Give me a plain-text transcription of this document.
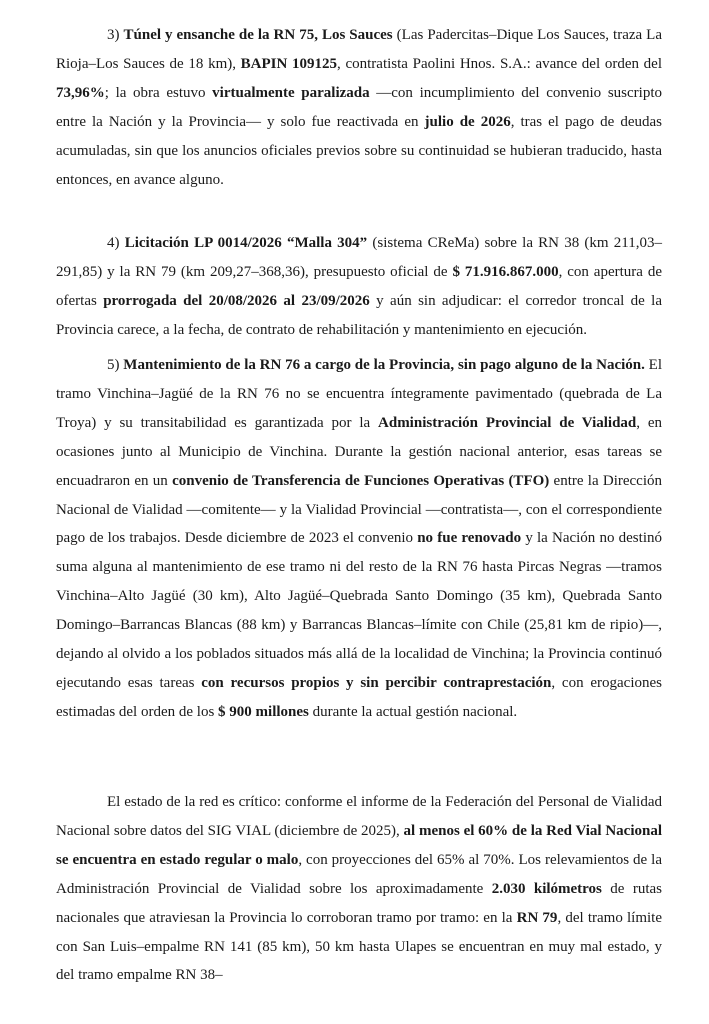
3) Túnel y ensanche de la RN 75, Los Sauces (Las Padercitas–Dique Los Sauces, traza La Rioja–Los Sauces de 18 km), BAPIN 109125, contratista Paolini Hnos. S.A.: avance del orden del 73,96%; la obra estuvo virtualmente paralizada —con incumplimiento del convenio suscripto entre la Nación y la Provincia— y solo fue reactivada en julio de 2026, tras el pago de deudas acumuladas, sin que los anuncios oficiales previos sobre su continuidad se hubieran traducido, hasta entonces, en avance alguno.

4) Licitación LP 0014/2026 “Malla 304” (sistema CReMa) sobre la RN 38 (km 211,03–291,85) y la RN 79 (km 209,27–368,36), presupuesto oficial de $ 71.916.867.000, con apertura de ofertas prorrogada del 20/08/2026 al 23/09/2026 y aún sin adjudicar: el corredor troncal de la Provincia carece, a la fecha, de contrato de rehabilitación y mantenimiento en ejecución.

5) Mantenimiento de la RN 76 a cargo de la Provincia, sin pago alguno de la Nación. El tramo Vinchina–Jagüé de la RN 76 no se encuentra íntegramente pavimentado (quebrada de La Troya) y su transitabilidad es garantizada por la Administración Provincial de Vialidad, en ocasiones junto al Municipio de Vinchina. Durante la gestión nacional anterior, esas tareas se encuadraron en un convenio de Transferencia de Funciones Operativas (TFO) entre la Dirección Nacional de Vialidad —comitente— y la Vialidad Provincial —contratista—, con el correspondiente pago de los trabajos. Desde diciembre de 2023 el convenio no fue renovado y la Nación no destinó suma alguna al mantenimiento de ese tramo ni del resto de la RN 76 hasta Pircas Negras —tramos Vinchina–Alto Jagüé (30 km), Alto Jagüé–Quebrada Santo Domingo (35 km), Quebrada Santo Domingo–Barrancas Blancas (88 km) y Barrancas Blancas–límite con Chile (25,81 km de ripio)—, dejando al olvido a los poblados situados más allá de la localidad de Vinchina; la Provincia continuó ejecutando esas tareas con recursos propios y sin percibir contraprestación, con erogaciones estimadas del orden de los $ 900 millones durante la actual gestión nacional.

El estado de la red es crítico: conforme el informe de la Federación del Personal de Vialidad Nacional sobre datos del SIG VIAL (diciembre de 2025), al menos el 60% de la Red Vial Nacional se encuentra en estado regular o malo, con proyecciones del 65% al 70%. Los relevamientos de la Administración Provincial de Vialidad sobre los aproximadamente 2.030 kilómetros de rutas nacionales que atraviesan la Provincia lo corroboran tramo por tramo: en la RN 79, del tramo límite con San Luis–empalme RN 141 (85 km), 50 km hasta Ulapes se encuentran en muy mal estado, y del tramo empalme RN 38–
